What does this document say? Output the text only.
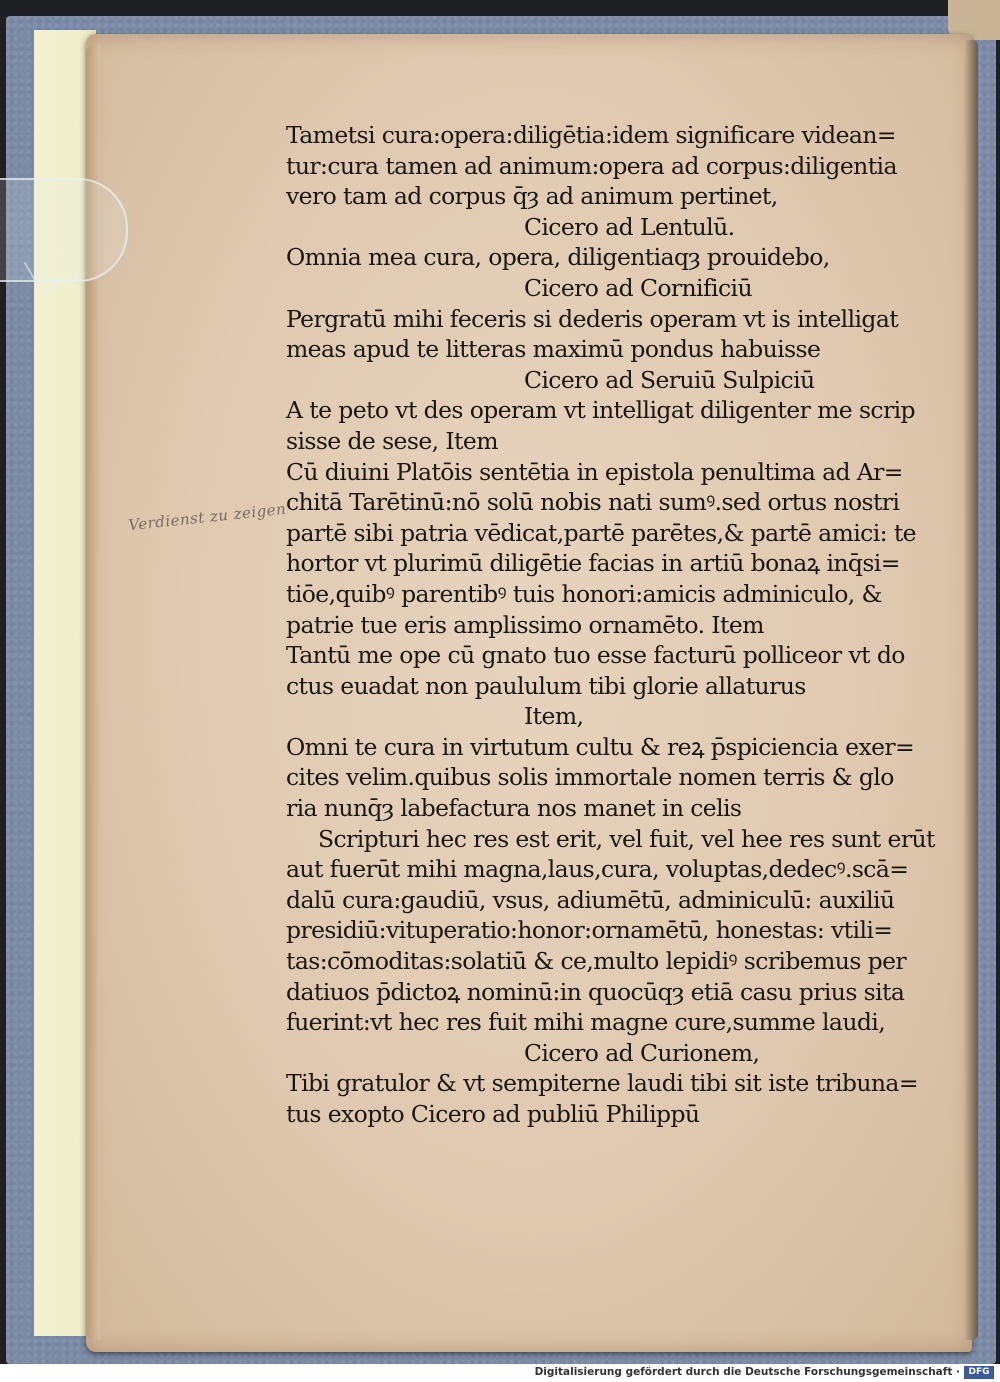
Verdienst zu zeigen
Tametsi cura:opera:diligētia:idem significare videan=
tur:cura tamen ad animum:opera ad corpus:diligentia
vero tam ad corpus q̄ȝ ad animum pertinet,
Cicero ad Lentulū.
Omnia mea cura, opera, diligentiaqȝ prouidebo,
Cicero ad Cornificiū
Pergratū mihi feceris si dederis operam vt is intelligat
meas apud te litteras maximū pondus habuisse
Cicero ad Seruiū Sulpiciū
A te peto vt des operam vt intelligat diligenter me scrip
sisse de sese, Item
Cū diuini Platōis sentētia in epistola penultima ad Ar=
chitā Tarētinū:nō solū nobis nati sumꝰ.sed ortus nostri
partē sibi patria vēdicat,partē parētes,& partē amici: te
hortor vt plurimū diligētie facias in artiū bonaꝝ inq̄si=
tiōe,quibꝰ parentibꝰ tuis honori:amicis adminiculo, &
patrie tue eris amplissimo ornamēto. Item
Tantū me ope cū gnato tuo esse facturū polliceor vt do
ctus euadat non paululum tibi glorie allaturus
Item,
Omni te cura in virtutum cultu & reꝝ p̄spiciencia exer=
cites velim.quibus solis immortale nomen terris & glo
ria nunq̄ȝ labefactura nos manet in celis
Scripturi hec res est erit, vel fuit, vel hee res sunt erūt
aut fuerūt mihi magna,laus,cura, voluptas,dedecꝰ.scā=
dalū cura:gaudiū, vsus, adiumētū, adminiculū: auxiliū
presidiū:vituperatio:honor:ornamētū, honestas: vtili=
tas:cōmoditas:solatiū & ce,multo lepidiꝰ scribemus per
datiuos p̄dictoꝝ nominū:in quocūqȝ etiā casu prius sita
fuerint:vt hec res fuit mihi magne cure,summe laudi,
Cicero ad Curionem,
Tibi gratulor & vt sempiterne laudi tibi sit iste tribuna=
tus exopto Cicero ad publiū Philippū
Digitalisierung gefördert durch die Deutsche Forschungsgemeinschaft · DFG
